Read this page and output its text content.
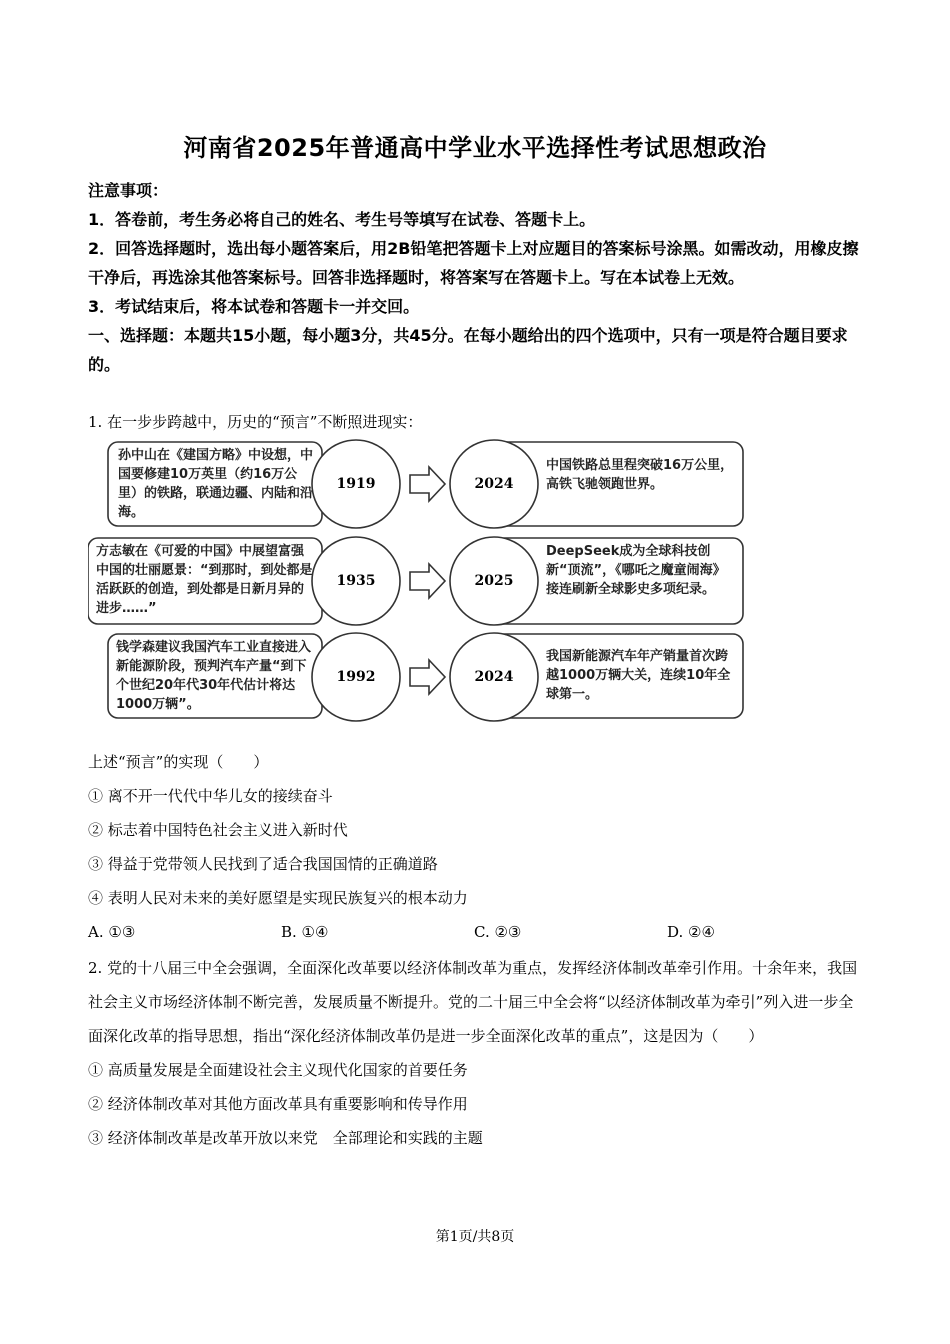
河南省2025年普通高中学业水平选择性考试思想政治

注意事项：

1．答卷前，考生务必将自己的姓名、考生号等填写在试卷、答题卡上。

2．回答选择题时，选出每小题答案后，用2B铅笔把答题卡上对应题目的答案标号涂黑。如需改动，用橡皮擦干净后，再选涂其他答案标号。回答非选择题时，将答案写在答题卡上。写在本试卷上无效。

3．考试结束后，将本试卷和答题卡一并交回。

一、选择题：本题共15小题，每小题3分，共45分。在每小题给出的四个选项中，只有一项是符合题目要求的。

1. 在一步步跨越中，历史的“预言”不断照进现实：

孙中山在《建国方略》中设想，中国要修建10万英里（约16万公里）的铁路，联通边疆、内陆和沿海。
1919	2024
中国铁路总里程突破16万公里，高铁飞驰领跑世界。
方志敏在《可爱的中国》中展望富强中国的壮丽愿景：“到那时，到处都是活跃跃的创造，到处都是日新月异的进步……”
1935	2025
DeepSeek成为全球科技创新“顶流”，《哪吒之魔童闹海》接连刷新全球影史多项纪录。
钱学森建议我国汽车工业直接进入新能源阶段，预判汽车产量“到下个世纪20年代30年代估计将达1000万辆”。
1992	2024
我国新能源汽车年产销量首次跨越1000万辆大关，连续10年全球第一。

上述“预言”的实现（　　）

① 离不开一代代中华儿女的接续奋斗

② 标志着中国特色社会主义进入新时代

③ 得益于党带领人民找到了适合我国国情的正确道路

④ 表明人民对未来的美好愿望是实现民族复兴的根本动力

A. ①③	B. ①④	C. ②③	D. ②④

2. 党的十八届三中全会强调，全面深化改革要以经济体制改革为重点，发挥经济体制改革牵引作用。十余年来，我国社会主义市场经济体制不断完善，发展质量不断提升。党的二十届三中全会将“以经济体制改革为牵引”列入进一步全面深化改革的指导思想，指出“深化经济体制改革仍是进一步全面深化改革的重点”，这是因为（　　）

① 高质量发展是全面建设社会主义现代化国家的首要任务

② 经济体制改革对其他方面改革具有重要影响和传导作用

③ 经济体制改革是改革开放以来党　全部理论和实践的主题

第1页/共8页
